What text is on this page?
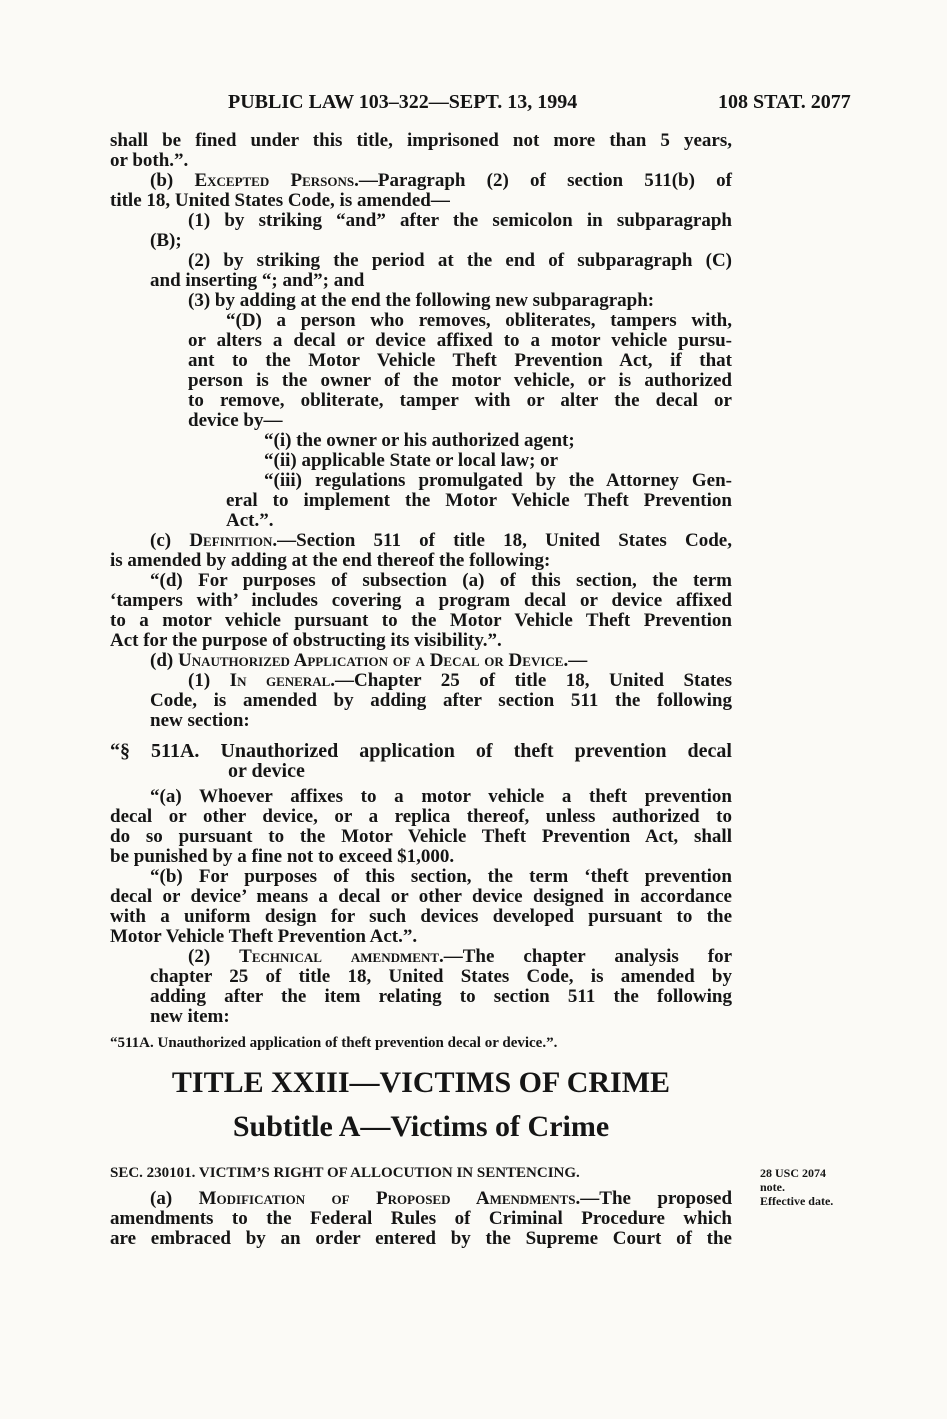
PUBLIC LAW 103–322—SEPT. 13, 1994	108 STAT. 2077
shall be fined under this title, imprisoned not more than 5 years,
or both.”.
(b) Excepted Persons.—Paragraph (2) of section 511(b) of
title 18, United States Code, is amended—
(1) by striking “and” after the semicolon in subparagraph
(B);
(2) by striking the period at the end of subparagraph (C)
and inserting “; and”; and
(3) by adding at the end the following new subparagraph:
“(D) a person who removes, obliterates, tampers with,
or alters a decal or device affixed to a motor vehicle pursu-
ant to the Motor Vehicle Theft Prevention Act, if that
person is the owner of the motor vehicle, or is authorized
to remove, obliterate, tamper with or alter the decal or
device by—
“(i) the owner or his authorized agent;
“(ii) applicable State or local law; or
“(iii) regulations promulgated by the Attorney Gen-
eral to implement the Motor Vehicle Theft Prevention
Act.”.
(c) Definition.—Section 511 of title 18, United States Code,
is amended by adding at the end thereof the following:
“(d) For purposes of subsection (a) of this section, the term
‘tampers with’ includes covering a program decal or device affixed
to a motor vehicle pursuant to the Motor Vehicle Theft Prevention
Act for the purpose of obstructing its visibility.”.
(d) Unauthorized Application of a Decal or Device.—
(1) In general.—Chapter 25 of title 18, United States
Code, is amended by adding after section 511 the following
new section:
“§ 511A. Unauthorized application of theft prevention decal
or device
“(a) Whoever affixes to a motor vehicle a theft prevention
decal or other device, or a replica thereof, unless authorized to
do so pursuant to the Motor Vehicle Theft Prevention Act, shall
be punished by a fine not to exceed $1,000.
“(b) For purposes of this section, the term ‘theft prevention
decal or device’ means a decal or other device designed in accordance
with a uniform design for such devices developed pursuant to the
Motor Vehicle Theft Prevention Act.”.
(2) Technical amendment.—The chapter analysis for
chapter 25 of title 18, United States Code, is amended by
adding after the item relating to section 511 the following
new item:
“511A. Unauthorized application of theft prevention decal or device.”.
TITLE XXIII—VICTIMS OF CRIME
Subtitle A—Victims of Crime
SEC. 230101. VICTIM’S RIGHT OF ALLOCUTION IN SENTENCING.
(a) Modification of Proposed Amendments.—The proposed
amendments to the Federal Rules of Criminal Procedure which
are embraced by an order entered by the Supreme Court of the
28 USC 2074
note.
Effective date.
